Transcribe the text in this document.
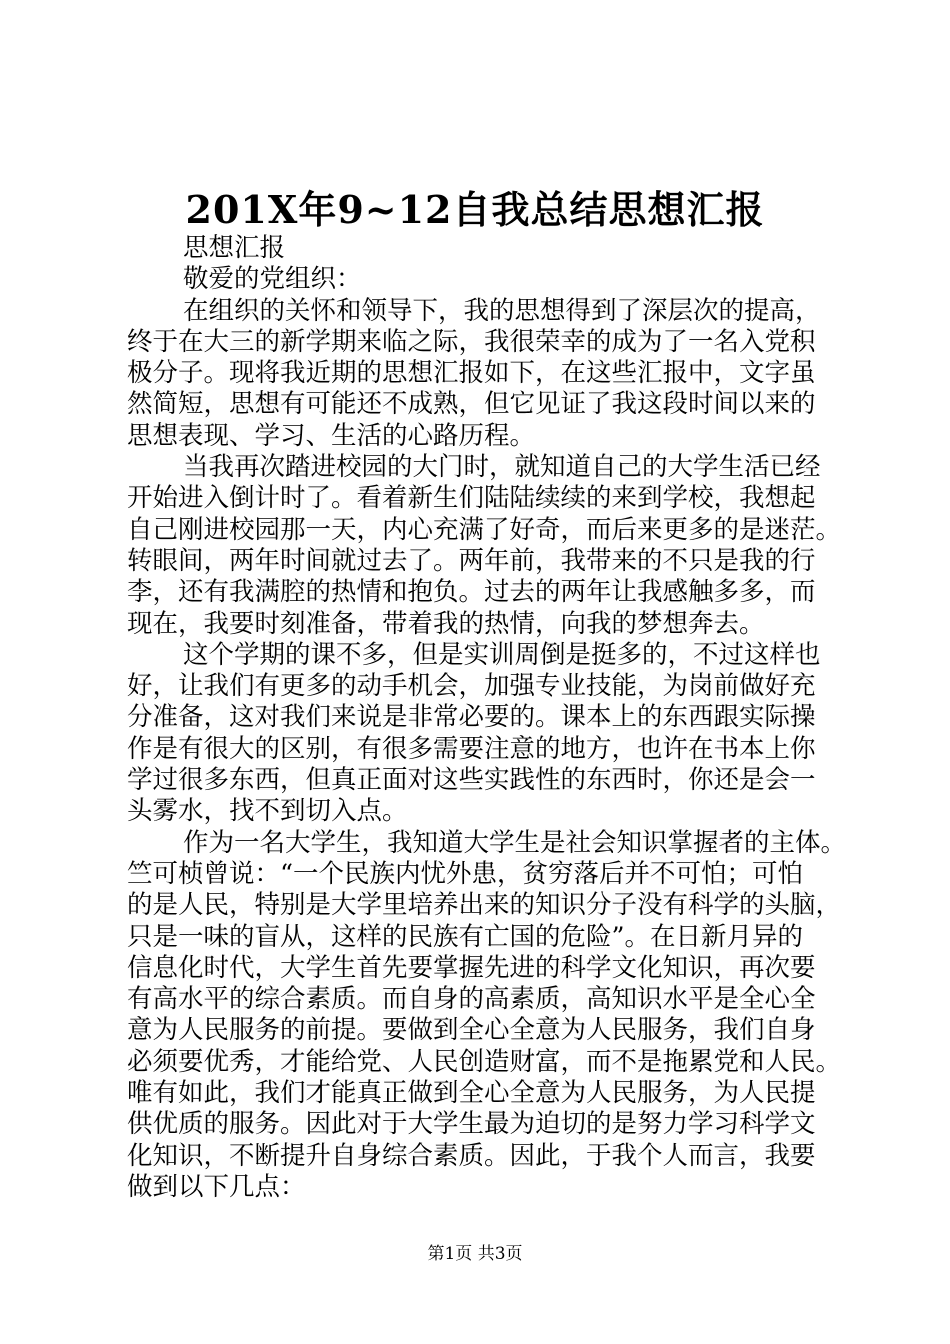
201X年9~12自我总结思想汇报
思想汇报
敬爱的党组织：
在组织的关怀和领导下，我的思想得到了深层次的提高，
终于在大三的新学期来临之际，我很荣幸的成为了一名入党积
极分子。现将我近期的思想汇报如下，在这些汇报中，文字虽
然简短，思想有可能还不成熟，但它见证了我这段时间以来的
思想表现、学习、生活的心路历程。
当我再次踏进校园的大门时，就知道自己的大学生活已经
开始进入倒计时了。看着新生们陆陆续续的来到学校，我想起
自己刚进校园那一天，内心充满了好奇，而后来更多的是迷茫。
转眼间，两年时间就过去了。两年前，我带来的不只是我的行
李，还有我满腔的热情和抱负。过去的两年让我感触多多，而
现在，我要时刻准备，带着我的热情，向我的梦想奔去。
这个学期的课不多，但是实训周倒是挺多的，不过这样也
好，让我们有更多的动手机会，加强专业技能，为岗前做好充
分准备，这对我们来说是非常必要的。课本上的东西跟实际操
作是有很大的区别，有很多需要注意的地方，也许在书本上你
学过很多东西，但真正面对这些实践性的东西时，你还是会一
头雾水，找不到切入点。
作为一名大学生，我知道大学生是社会知识掌握者的主体。
竺可桢曾说：“一个民族内忧外患，贫穷落后并不可怕；可怕
的是人民，特别是大学里培养出来的知识分子没有科学的头脑，
只是一味的盲从，这样的民族有亡国的危险”。在日新月异的
信息化时代，大学生首先要掌握先进的科学文化知识，再次要
有高水平的综合素质。而自身的高素质，高知识水平是全心全
意为人民服务的前提。要做到全心全意为人民服务，我们自身
必须要优秀，才能给党、人民创造财富，而不是拖累党和人民。
唯有如此，我们才能真正做到全心全意为人民服务，为人民提
供优质的服务。因此对于大学生最为迫切的是努力学习科学文
化知识，不断提升自身综合素质。因此，于我个人而言，我要
做到以下几点：
第1页 共3页
